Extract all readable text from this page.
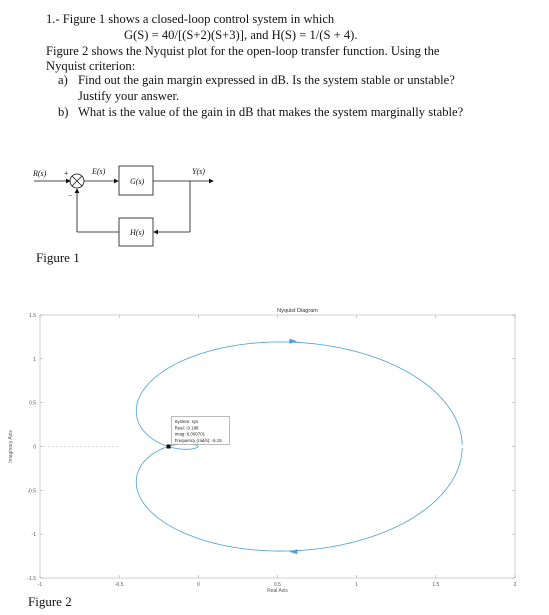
1.- Figure 1 shows a closed-loop control system in which
G(S) = 40/[(S+2)(S+3)], and H(S) = 1/(S + 4).
Figure 2 shows the Nyquist plot for the open-loop transfer function. Using the
Nyquist criterion:
a) Find out the gain margin expressed in dB. Is the system stable or unstable?
Justify your answer.
b) What is the value of the gain in dB that makes the system marginally stable?
R(s) +
−
E(s)
G(s)
Y(s)
H(s)
Figure 1
Nyquist Diagram
-1	-0.5	0	0.5	1	1.5	2
1.5
1
0.5
0
-0.5
-1
-1.5
Real Axis
Imaginary Axis
System: sys
Real: -0.188
Imag: 0.000701
Frequency (rad/s): -5.15
Figure 2
